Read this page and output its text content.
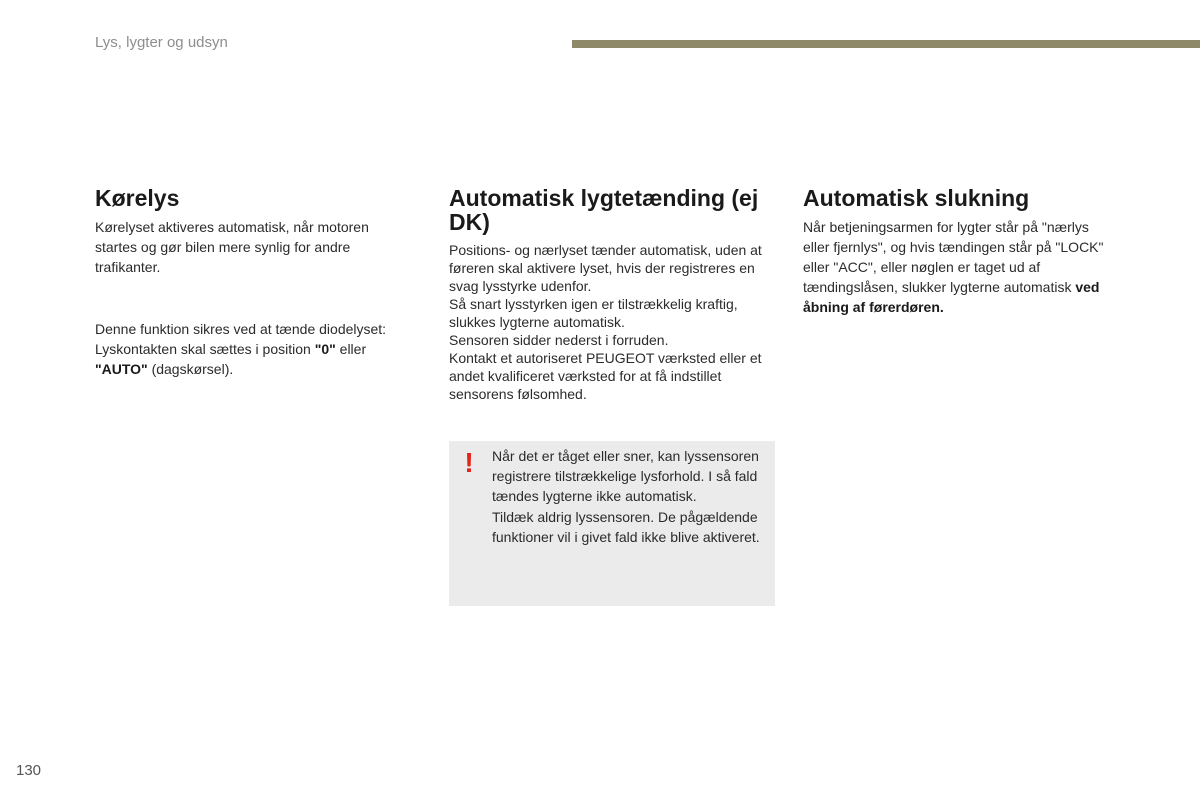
Lys, lygter og udsyn
Kørelys

Kørelyset aktiveres automatisk, når motoren startes og gør bilen mere synlig for andre trafikanter.

Denne funktion sikres ved at tænde diodelyset: Lyskontakten skal sættes i position "0" eller "AUTO" (dagskørsel).

Automatisk lygtetænding (ej DK)

Positions- og nærlyset tænder automatisk, uden at føreren skal aktivere lyset, hvis der registreres en svag lysstyrke udenfor.

Så snart lysstyrken igen er tilstrækkelig kraftig, slukkes lygterne automatisk.

Sensoren sidder nederst i forruden.

Kontakt et autoriseret PEUGEOT værksted eller et andet kvalificeret værksted for at få indstillet sensorens følsomhed.

Automatisk slukning

Når betjeningsarmen for lygter står på "nærlys eller fjernlys", og hvis tændingen står på "LOCK" eller "ACC", eller nøglen er taget ud af tændingslåsen, slukker lygterne automatisk ved åbning af førerdøren.

!	Når det er tåget eller sner, kan lyssensoren registrere tilstrækkelige lysforhold. I så fald tændes lygterne ikke automatisk.
Tildæk aldrig lyssensoren. De pågældende funktioner vil i givet fald ikke blive aktiveret.
130
